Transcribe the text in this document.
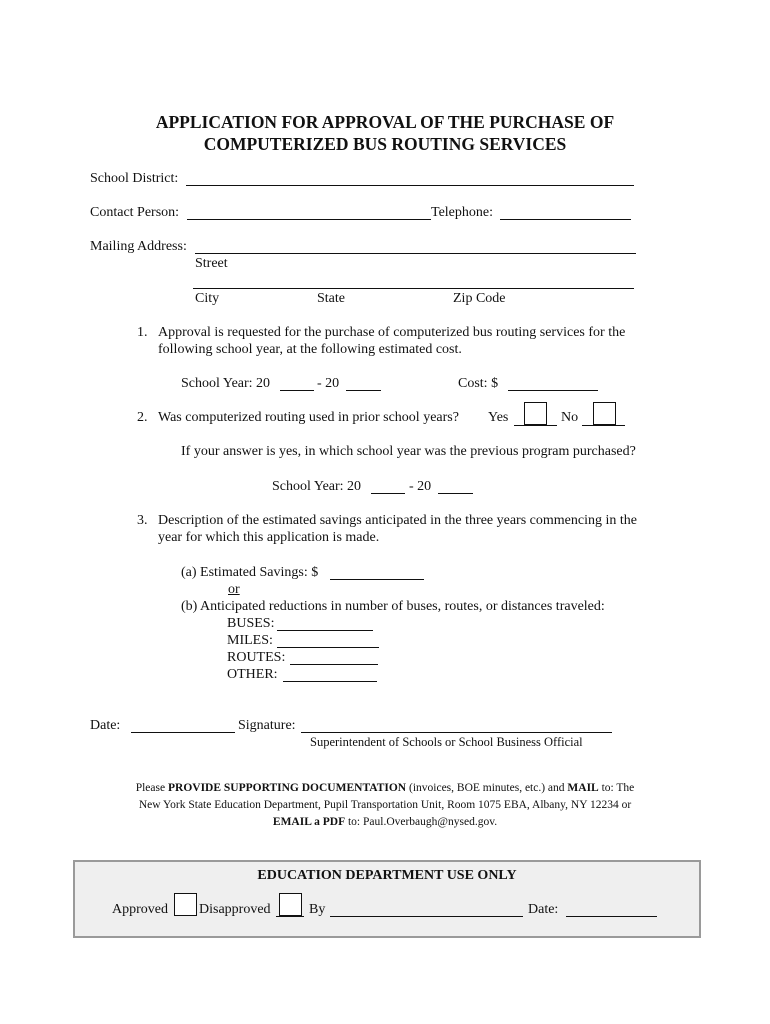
APPLICATION FOR APPROVAL OF THE PURCHASE OF
COMPUTERIZED BUS ROUTING SERVICES
School District:
Contact Person:	Telephone:
Mailing Address:
Street
City	State	Zip Code
1. Approval is requested for the purchase of computerized bus routing services for the
following school year, at the following estimated cost.
School Year: 20	- 20	Cost: $
2. Was computerized routing used in prior school years? Yes	No
If your answer is yes, in which school year was the previous program purchased?
School Year: 20	- 20
3. Description of the estimated savings anticipated in the three years commencing in the
year for which this application is made.
(a) Estimated Savings: $
or
(b) Anticipated reductions in number of buses, routes, or distances traveled:
BUSES:
MILES:
ROUTES:
OTHER:
Date:	Signature:
Superintendent of Schools or School Business Official
Please PROVIDE SUPPORTING DOCUMENTATION (invoices, BOE minutes, etc.) and MAIL to: The
New York State Education Department, Pupil Transportation Unit, Room 1075 EBA, Albany, NY 12234 or
EMAIL a PDF to: Paul.Overbaugh@nysed.gov.
EDUCATION DEPARTMENT USE ONLY
Approved Disapproved	By	Date:
